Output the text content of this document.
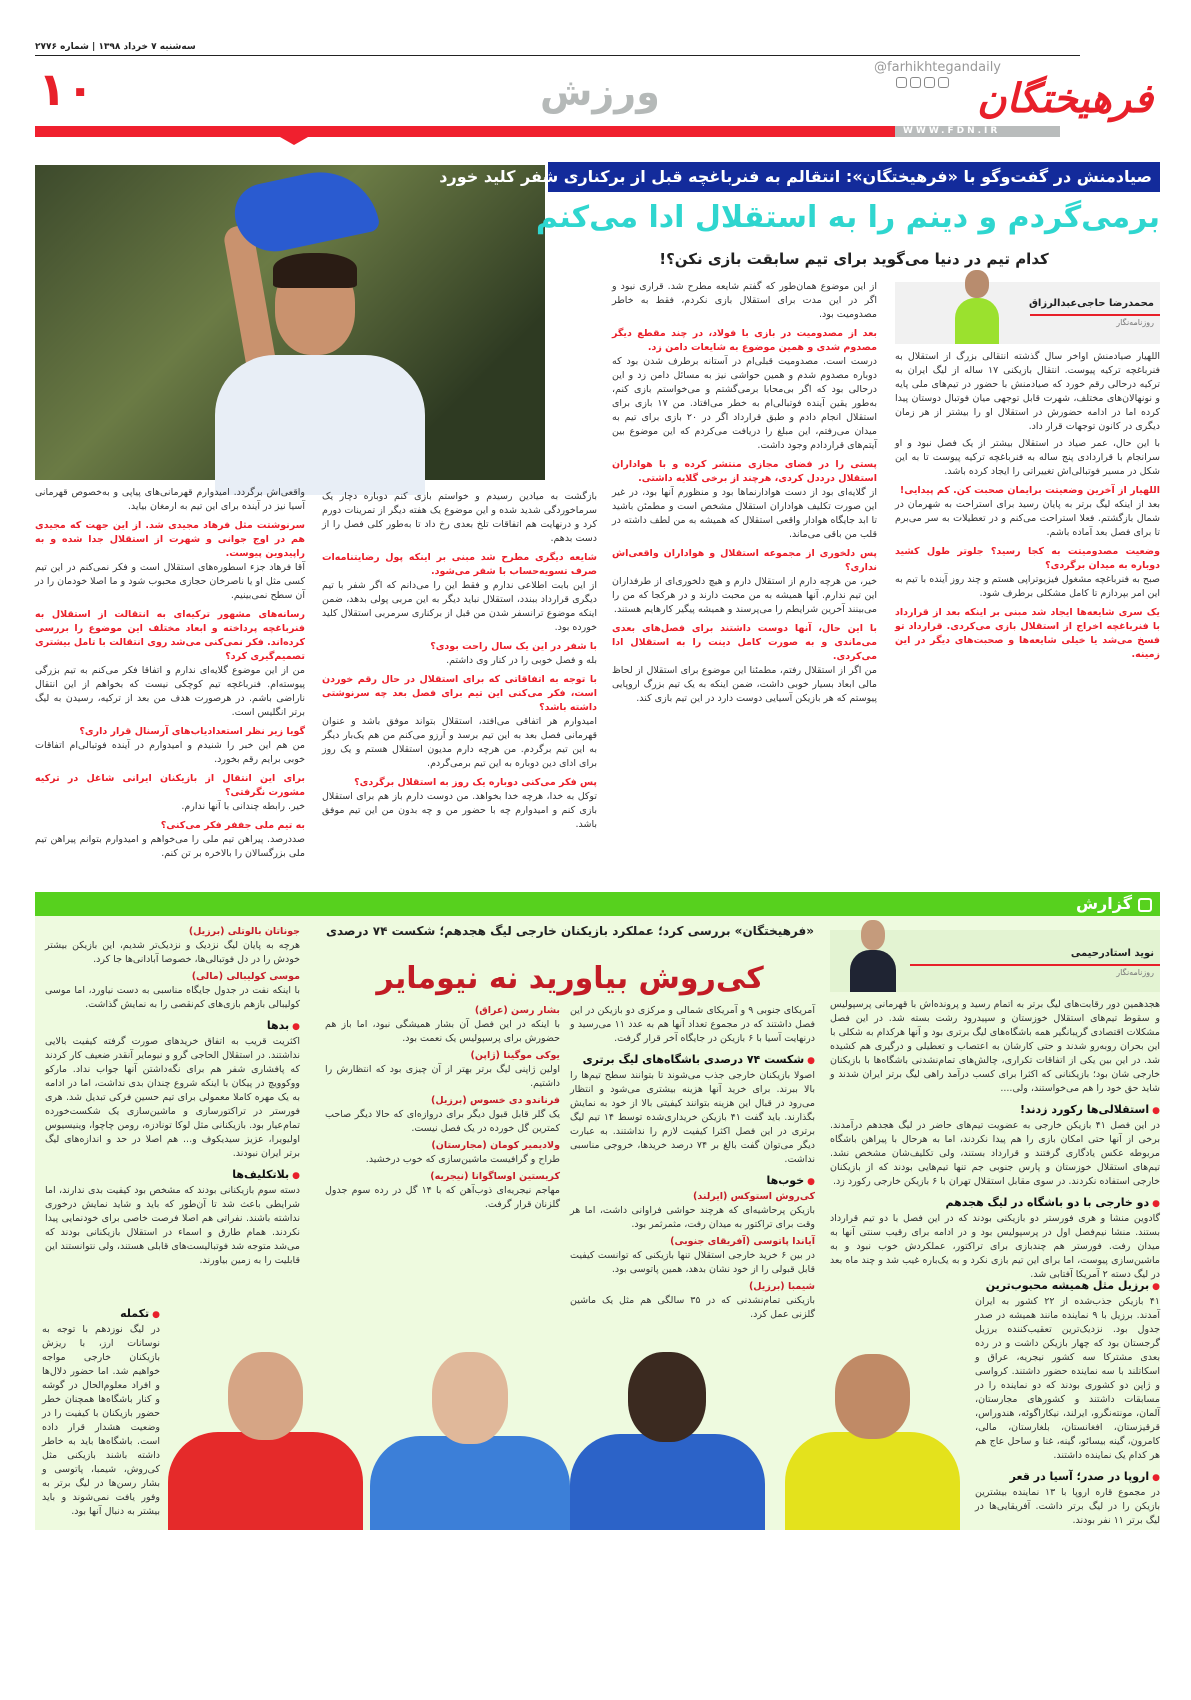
سه‌شنبه ۷ خرداد ۱۳۹۸ | شماره ۲۷۷۶
فرهیختگان
@farhikhtegandaily
ورزش
۱۰
WWW.FDN.IR
صیادمنش در گفت‌وگو با «فرهیختگان»: انتقالم به فنرباغچه قبل از برکناری شفر کلید خورد
برمی‌گردم و دینم را به استقلال ادا می‌کنم
کدام تیم در دنیا می‌گوید برای تیم سابقت بازی نکن؟!
محمدرضا حاجی‌عبدالرزاق
روزنامه‌نگار

اللهیار صیادمنش اواخر سال گذشته انتقالی بزرگ از استقلال به فنرباغچه ترکیه پیوست. انتقال بازیکنی ۱۷ ساله از لیگ ایران به ترکیه درحالی رقم خورد که صیادمنش با حضور در تیم‌های ملی پایه و نونهالان‌های مختلف، شهرت قابل توجهی میان فوتبال دوستان پیدا کرده اما در ادامه حضورش در استقلال او را بیشتر از هر زمان دیگری در کانون توجهات قرار داد.

با این حال، عمر صیاد در استقلال بیشتر از یک فصل نبود و او سرانجام با قراردادی پنج ساله به فنرباغچه ترکیه پیوست تا به این شکل در مسیر فوتبالی‌اش تغییراتی را ایجاد کرده باشد.

اللهیار از آخرین وضعیتت برایمان صحبت کن. کم پیدایی!

بعد از اینکه لیگ برتر به پایان رسید برای استراحت به شهرمان در شمال بازگشتم. فعلا استراحت می‌کنم و در تعطیلات به سر می‌برم تا برای فصل بعد آماده باشم.

وضعیت مصدومیتت به کجا رسید؟ جلوتر طول کشید دوباره به میدان برگردی؟

صبح به فنرباغچه مشغول فیزیوتراپی هستم و چند روز آینده با تیم به این امر بپردازم تا کامل مشکلی برطرف شود.

یک سری شایعه‌ها ایجاد شد مبنی بر اینکه بعد از قرارداد با فنرباغچه اخراج از استقلال بازی می‌کردی. قرارداد تو فسخ می‌شد یا خیلی شایعه‌ها و صحبت‌های دیگر در این زمینه.

از این موضوع همان‌طور که گفتم شایعه مطرح شد. قراری نبود و اگر در این مدت برای استقلال بازی نکردم، فقط به خاطر مصدومیت بود.

بعد از مصدومیت در بازی با فولاد، در چند مقطع دیگر مصدوم شدی و همین موضوع به شایعات دامن زد.

درست است. مصدومیت قبلی‌ام در آستانه برطرف شدن بود که دوباره مصدوم شدم و همین حواشی نیز به مسائل دامن زد و این درحالی بود که اگر بی‌محابا برمی‌گشتم و می‌خواستم بازی کنم، به‌طور یقین آینده فوتبالی‌ام به خطر می‌افتاد. من ۱۷ بازی برای استقلال انجام دادم و طبق قرارداد اگر در ۲۰ بازی برای تیم به میدان می‌رفتم، این مبلغ را دریافت می‌کردم که این موضوع بین آیتم‌های قراردادم وجود داشت.

پستی را در فضای مجازی منتشر کرده و با هواداران استقلال درددل کردی، هرچند از برخی گلایه داشتی.

از گلایه‌ای بود از دست هوادارنماها بود و منظورم آنها بود، در غیر این صورت تکلیف هواداران استقلال مشخص است و مطمئن باشید تا ابد جایگاه هوادار واقعی استقلال که همیشه به من لطف داشته در قلب من باقی می‌ماند.

پس دلخوری از مجموعه استقلال و هواداران واقعی‌اش نداری؟

خیر، من هرچه دارم از استقلال دارم و هیچ دلخوری‌ای از طرفداران این تیم ندارم. آنها همیشه به من محبت دارند و در هرکجا که من را می‌بینند آخرین شرایطم را می‌پرسند و همیشه پیگیر کارهایم هستند.

با این حال، آنها دوست داشتند برای فصل‌های بعدی می‌ماندی و به صورت کامل دینت را به استقلال ادا می‌کردی.

من اگر از استقلال رفتم، مطمئنا این موضوع برای استقلال از لحاظ مالی ابعاد بسیار خوبی داشت، ضمن اینکه به یک تیم بزرگ اروپایی پیوستم که هر بازیکن آسیایی دوست دارد در این تیم بازی کند.

بازگشت به میادین رسیدم و خواستم بازی کنم دوباره دچار یک سرماخوردگی شدید شده و این موضوع یک هفته دیگر از تمرینات دورم کرد و درنهایت هم اتفاقات تلخ بعدی رخ داد تا به‌طور کلی فصل را از دست بدهم.

شایعه دیگری مطرح شد مبنی بر اینکه پول رضایتنامه‌ات صرف تسویه‌حساب با شفر می‌شود.

از این بابت اطلاعی ندارم و فقط این را می‌دانم که اگر شفر با تیم دیگری قرارداد ببندد، استقلال نباید دیگر به این مربی پولی بدهد، ضمن اینکه موضوع ترانسفر شدن من قبل از برکناری سرمربی استقلال کلید خورده بود.

با شفر در این یک سال راحت بودی؟

بله و فصل خوبی را در کنار وی داشتم.

با توجه به اتفاقاتی که برای استقلال در حال رقم خوردن است، فکر می‌کنی این تیم برای فصل بعد چه سرنوشتی داشته باشد؟

امیدوارم هر اتفاقی می‌افتد، استقلال بتواند موفق باشد و عنوان قهرمانی فصل بعد به این تیم برسد و آرزو می‌کنم من هم یک‌بار دیگر به این تیم برگردم. من هرچه دارم مدیون استقلال هستم و یک روز برای ادای دین دوباره به این تیم برمی‌گردم.

پس فکر می‌کنی دوباره یک روز به استقلال برگردی؟

توکل به خدا، هرچه خدا بخواهد. من دوست دارم باز هم برای استقلال بازی کنم و امیدوارم چه با حضور من و چه بدون من این تیم موفق باشد.

واقعی‌اش برگردد. امیدوارم قهرمانی‌های پیاپی و به‌خصوص قهرمانی آسیا نیز در آینده برای این تیم به ارمغان بیاید.

سرنوشتت مثل فرهاد مجیدی شد. از این جهت که مجیدی هم در اوج جوانی و شهرت از استقلال جدا شده و به راپیدوین پیوست.

آقا فرهاد جزء اسطوره‌های استقلال است و فکر نمی‌کنم در این تیم کسی مثل او یا ناصرخان حجازی محبوب شود و ما اصلا خودمان را در آن سطح نمی‌بینیم.

رسانه‌های مشهور ترکیه‌ای به انتقالت از استقلال به فنرباغچه پرداخته و ابعاد مختلف این موضوع را بررسی کرده‌اند. فکر نمی‌کنی می‌شد روی انتقالت با تامل بیشتری تصمیم‌گیری کرد؟

من از این موضوع گلایه‌ای ندارم و اتفاقا فکر می‌کنم به تیم بزرگی پیوسته‌ام. فنرباغچه تیم کوچکی نیست که بخواهم از این انتقال ناراضی باشم. در هرصورت هدف من بعد از ترکیه، رسیدن به لیگ برتر انگلیس است.

گویا زیر نظر استعدادیاب‌های آرسنال قرار داری؟

من هم این خبر را شنیدم و امیدوارم در آینده فوتبالی‌ام اتفاقات خوبی برایم رقم بخورد.

برای این انتقال از بازیکنان ایرانی شاغل در ترکیه مشورت نگرفتی؟

خیر. رابطه چندانی با آنها ندارم.

به تیم ملی جففر فکر می‌کنی؟

صددرصد. پیراهن تیم ملی را می‌خواهم و امیدوارم بتوانم پیراهن تیم ملی بزرگسالان را بالاخره بر تن کنم.

گزارش
«فرهیختگان» بررسی کرد؛ عملکرد بازیکنان خارجی لیگ هجدهم؛ شکست ۷۴ درصدی
کی‌روش بیاورید نه نیومایر
نوید استادرحیمی
روزنامه‌نگار

هجدهمین دور رقابت‌های لیگ برتر به اتمام رسید و پرونده‌اش با قهرمانی پرسپولیس و سقوط تیم‌های استقلال خوزستان و سپیدرود رشت بسته شد. در این فصل مشکلات اقتصادی گریبانگیر همه باشگاه‌های لیگ برتری بود و آنها هرکدام به شکلی با این بحران روبه‌رو شدند و حتی کارشان به اعتصاب و تعطیلی و درگیری هم کشیده شد. در این بین یکی از اتفاقات تکراری، چالش‌های تمام‌نشدنی باشگاه‌ها با بازیکنان خارجی شان بود؛ بازیکنانی که اکثرا برای کسب درآمد راهی لیگ برتر ایران شدند و شاید حق خود را هم می‌خواستند، ولی....

● استقلالی‌ها رکورد زدند!

در این فصل ۴۱ بازیکن خارجی به عضویت تیم‌های حاضر در لیگ هجدهم درآمدند. برخی از آنها حتی امکان بازی را هم پیدا نکردند، اما به هرحال با پیراهن باشگاه مربوطه عکس یادگاری گرفتند و قرارداد بستند، ولی تکلیف‌شان مشخص نشد. تیم‌های استقلال خوزستان و پارس جنوبی جم تنها تیم‌هایی بودند که از بازیکنان خارجی استفاده نکردند. در سوی مقابل استقلال تهران با ۶ بازیکن خارجی رکورد زد.

● دو خارجی با دو باشگاه در لیگ هجدهم

گادوین منشا و هری فورستر دو بازیکنی بودند که در این فصل با دو تیم قرارداد بستند. منشا نیم‌فصل اول در پرسپولیس بود و در ادامه برای رقیب سنتی آنها به میدان رفت. فورستر هم چندبازی برای تراکتور، عملکردش خوب نبود و به ماشین‌سازی پیوست، اما برای این تیم بازی نکرد و به یک‌باره غیب شد و چند ماه بعد در لیگ دسته ۲ آمریکا آفتابی شد.

● برزیل مثل همیشه محبوب‌ترین

۴۱ بازیکن جذب‌شده از ۲۲ کشور به ایران آمدند. برزیل با ۹ نماینده مانند همیشه در صدر جدول بود. نزدیک‌ترین تعقیب‌کننده برزیل گرجستان بود که چهار بازیکن داشت و در رده بعدی مشترکا سه کشور نیجریه، عراق و اسکاتلند با سه نماینده حضور داشتند. کرواسی و ژاپن دو کشوری بودند که دو نماینده را در مسابقات داشتند و کشورهای مجارستان، آلمان، مونته‌نگرو، ایرلند، نیکاراگوئه، هندوراس، قرقیزستان، افغانستان، بلغارستان، مالی، کامرون، گینه بیسائو، گینه، غنا و ساحل عاج هم هر کدام یک نماینده داشتند.

● اروپا در صدر؛ آسیا در قعر

در مجموع قاره اروپا با ۱۳ نماینده بیشترین بازیکن را در لیگ برتر داشت. آفریقایی‌ها در لیگ برتر ۱۱ نفر بودند.

آمریکای جنوبی ۹ و آمریکای شمالی و مرکزی دو بازیکن در این فصل داشتند که در مجموع تعداد آنها هم به عدد ۱۱ می‌رسید و درنهایت آسیا با ۶ بازیکن در جایگاه آخر قرار گرفت.

● شکست ۷۴ درصدی باشگاه‌های لیگ برتری

اصولا بازیکنان خارجی جذب می‌شوند تا بتوانند سطح تیم‌ها را بالا ببرند. برای خرید آنها هزینه بیشتری می‌شود و انتظار می‌رود در قبال این هزینه بتوانند کیفیتی بالا از خود به نمایش بگذارند. باید گفت ۴۱ بازیکن خریداری‌شده توسط ۱۴ تیم لیگ برتری در این فصل اکثرا کیفیت لازم را نداشتند. به عبارت دیگر می‌توان گفت بالغ بر ۷۴ درصد خریدها، خروجی مناسبی نداشت.

● خوب‌ها
کی‌روش استوکس (ایرلند)

بازیکن پرحاشیه‌ای که هرچند حواشی فراوانی داشت، اما هر وقت برای تراکتور به میدان رفت، مثمرثمر بود.

آیاندا پاتوسی (آفریقای جنوبی)

در بین ۶ خرید خارجی استقلال تنها بازیکنی که توانست کیفیت قابل قبولی را از خود نشان بدهد، همین پاتوسی بود.

شیمبا (برزیل)

بازیکنی تمام‌نشدنی که در ۳۵ سالگی هم مثل یک ماشین گلزنی عمل کرد.

بشار رسن (عراق)

با اینکه در این فصل آن بشار همیشگی نبود، اما باز هم حضورش برای پرسپولیس یک نعمت بود.

یوکی موگینا (ژاپن)

اولین ژاپنی لیگ برتر بهتر از آن چیزی بود که انتظارش را داشتیم.

فرناندو دی خسوس (برزیل)

یک گلر قابل قبول دیگر برای دروازه‌ای که حالا دیگر صاحب کمترین گل خورده در یک فصل نیست.

ولادیمیر کومان (مجارستان)

طراح و گرافیست ماشین‌سازی که خوب درخشید.

کریستین اوساگوانا (نیجریه)

مهاجم نیجریه‌ای ذوب‌آهن که با ۱۴ گل در رده سوم جدول گلزنان قرار گرفت.

جوناتان بالوتلی (برزیل)

هرچه به پایان لیگ نزدیک و نزدیک‌تر شدیم، این بازیکن بیشتر خودش را در دل فوتبالی‌ها، خصوصا آبادانی‌ها جا کرد.

موسی کولیبالی (مالی)

با اینکه نفت در جدول جایگاه مناسبی به دست نیاورد، اما موسی کولیبالی بازهم بازی‌های کم‌نقصی را به نمایش گذاشت.

● بدها

اکثریت قریب به اتفاق خریدهای صورت گرفته کیفیت بالایی نداشتند. در استقلال الحاجی گرو و نیومایر آنقدر ضعیف کار کردند که پافشاری شفر هم برای نگه‌داشتن آنها جواب نداد. مارکو ووکوویچ در پیکان با اینکه شروع چندان بدی نداشت، اما در ادامه به یک مهره کاملا معمولی برای تیم حسین فرکی تبدیل شد. هری فورستر در تراکتورسازی و ماشین‌سازی یک شکست‌خورده تمام‌عیار بود. بازیکنانی مثل لوکا تونادزه، رومن چاچوا، وینیسیوس اولیویرا، عزیز سیدیکوف و... هم اصلا در حد و اندازه‌های لیگ برتر ایران نبودند.

● بلاتکلیف‌ها

دسته سوم بازیکنانی بودند که مشخص بود کیفیت بدی ندارند، اما شرایطی باعث شد تا آن‌طور که باید و شاید نمایش درخوری نداشته باشند. نفراتی هم اصلا فرصت خاصی برای خودنمایی پیدا نکردند. همام طارق و اسماء در استقلال بازیکنانی بودند که می‌شد متوجه شد فوتبالیست‌های قابلی هستند، ولی نتوانستند این قابلیت را به زمین بیاورند.

● تکمله

در لیگ نوزدهم با توجه به نوسانات ارز، با ریزش بازیکنان خارجی مواجه خواهیم شد. اما حضور دلال‌ها و افراد معلوم‌الحال در گوشه و کنار باشگاه‌ها همچنان خطر حضور بازیکنان با کیفیت را در وضعیت هشدار قرار داده است. باشگاه‌ها باید به خاطر داشته باشند بازیکنی مثل کی‌روش، شیمبا، پاتوسی و بشار رسن‌ها در لیگ برتر به وفور یافت نمی‌شوند و باید بیشتر به دنبال آنها بود.
